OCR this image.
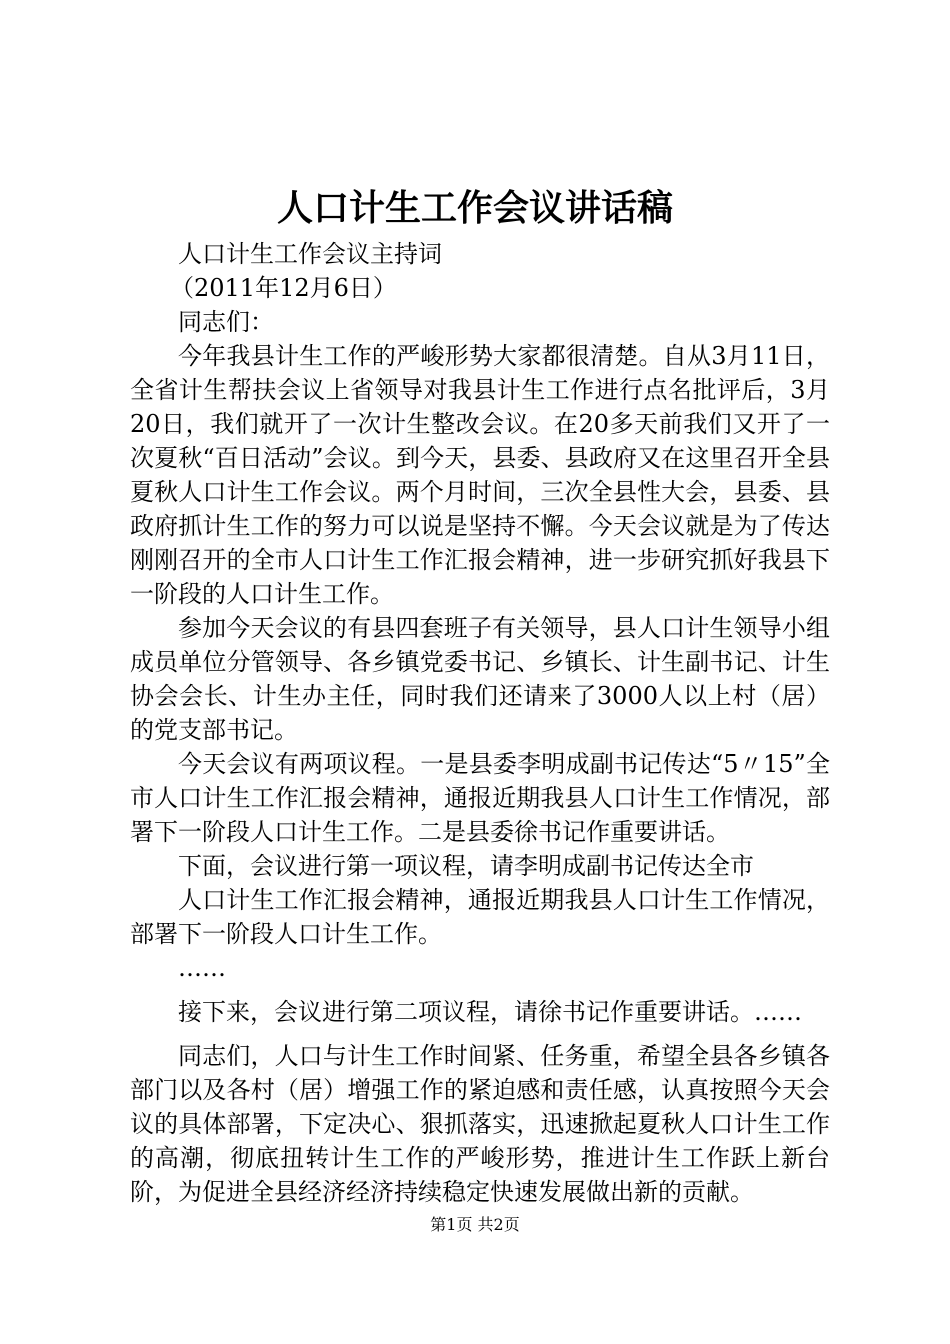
人口计生工作会议讲话稿

人口计生工作会议主持词

（2011年12月6日）

同志们：

今年我县计生工作的严峻形势大家都很清楚。自从3月11日，全省计生帮扶会议上省领导对我县计生工作进行点名批评后，3月20日，我们就开了一次计生整改会议。在20多天前我们又开了一次夏秋“百日活动”会议。到今天，县委、县政府又在这里召开全县夏秋人口计生工作会议。两个月时间，三次全县性大会，县委、县政府抓计生工作的努力可以说是坚持不懈。今天会议就是为了传达刚刚召开的全市人口计生工作汇报会精神，进一步研究抓好我县下一阶段的人口计生工作。

参加今天会议的有县四套班子有关领导，县人口计生领导小组成员单位分管领导、各乡镇党委书记、乡镇长、计生副书记、计生协会会长、计生办主任，同时我们还请来了3000人以上村（居）的党支部书记。

今天会议有两项议程。一是县委李明成副书记传达“5〃15”全市人口计生工作汇报会精神，通报近期我县人口计生工作情况，部署下一阶段人口计生工作。二是县委徐书记作重要讲话。

下面，会议进行第一项议程，请李明成副书记传达全市

人口计生工作汇报会精神，通报近期我县人口计生工作情况，部署下一阶段人口计生工作。

……

接下来，会议进行第二项议程，请徐书记作重要讲话。……

同志们，人口与计生工作时间紧、任务重，希望全县各乡镇各部门以及各村（居）增强工作的紧迫感和责任感，认真按照今天会议的具体部署，下定决心、狠抓落实，迅速掀起夏秋人口计生工作的高潮，彻底扭转计生工作的严峻形势，推进计生工作跃上新台阶，为促进全县经济经济持续稳定快速发展做出新的贡献。

第1页 共2页
